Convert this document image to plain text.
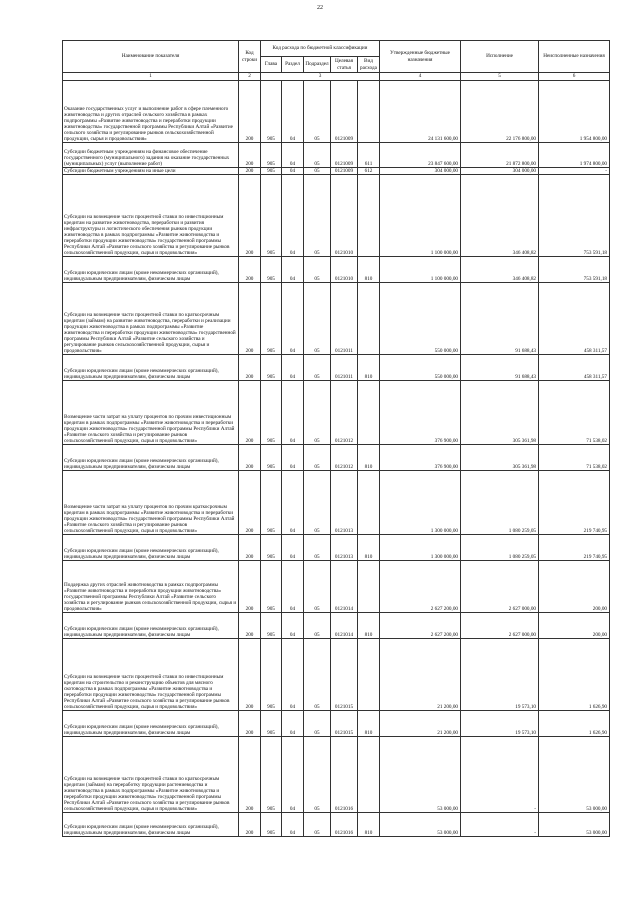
22
Наименование показателя	Код строки	Код расхода по бюджетной классификации					Утвержденные бюджетные назначения	Исполнение	Неисполненные назначения
		Глава	Раздел	Подраздел	Целевая статья	Вид расхода			
1	2	3					4	5	6
Оказание государственных услуг и выполнение работ в сфере племенного животноводства и других отраслей сельского хозяйства в рамках подпрограммы «Развитие животноводства и переработки продукции животноводства» государственной программы Республики Алтай «Развитие сельского хозяйства и регулирование рынков сельскохозяйственной продукции, сырья и продовольствия»	200	905	04	05	0121009		24 131 600,00	22 176 800,00	1 954 800,00
Субсидии бюджетным учреждениям на финансовое обеспечение государственного (муниципального) задания на оказание государственных (муниципальных) услуг (выполнение работ)	200	905	04	05	0121009	611	23 847 600,00	21 872 800,00	1 974 800,00
Субсидии бюджетным учреждениям на иные цели	200	905	04	05	0121009	612	304 000,00	304 000,00	-
Субсидии на возмещение части процентной ставки по инвестиционным кредитам на развитие животноводства, переработки и развития инфраструктуры и логистического обеспечения рынков продукции животноводства в рамках подпрограммы «Развитие животноводства и переработки продукции животноводства» государственной программы Республики Алтай «Развитие сельского хозяйства и регулирование рынков сельскохозяйственной продукции, сырья и продовольствия»	200	905	04	05	0121010		1 100 000,00	346 408,82	753 591,18
Субсидии юридическим лицам (кроме некоммерческих организаций), индивидуальным предпринимателям, физическим лицам	200	905	04	05	0121010	810	1 100 000,00	346 408,82	753 591,18
Субсидии на возмещение части процентной ставки по краткосрочным кредитам (займам) на развитие животноводства, переработки и реализации продукции животноводства в рамках подпрограммы «Развитие животноводства и переработки продукции животноводства» государственной программы Республики Алтай «Развитие сельского хозяйства и регулирование рынков сельскохозяйственной продукции, сырья и продовольствия»	200	905	04	05	0121011		550 000,00	91 688,43	458 311,57
Субсидии юридическим лицам (кроме некоммерческих организаций), индивидуальным предпринимателям, физическим лицам	200	905	04	05	0121011	810	550 000,00	91 688,43	458 311,57
Возмещение части затрат на уплату процентов по прочим инвестиционным кредитам в рамках подпрограммы «Развитие животноводства и переработки продукции животноводства» государственной программы Республики Алтай «Развитие сельского хозяйства и регулирование рынков сельскохозяйственной продукции, сырья и продовольствия»	200	905	04	05	0121012		376 900,00	305 361,98	71 538,02
Субсидии юридическим лицам (кроме некоммерческих организаций), индивидуальным предпринимателям, физическим лицам	200	905	04	05	0121012	810	376 900,00	305 361,98	71 538,02
Возмещение части затрат на уплату процентов по прочим краткосрочным кредитам в рамках подпрограммы «Развитие животноводства и переработки продукции животноводства» государственной программы Республики Алтай «Развитие сельского хозяйства и регулирование рынков сельскохозяйственной продукции, сырья и продовольствия»	200	905	04	05	0121013		1 300 000,00	1 080 259,05	219 740,95
Субсидии юридическим лицам (кроме некоммерческих организаций), индивидуальным предпринимателям, физическим лицам	200	905	04	05	0121013	810	1 300 000,00	1 080 259,05	219 740,95
Поддержка других отраслей животноводства в рамках подпрограммы «Развитие животноводства и переработки продукции животноводства» государственной программы Республики Алтай «Развитие сельского хозяйства и регулирование рынков сельскохозяйственной продукции, сырья и продовольствия»	200	905	04	05	0121014		2 627 200,00	2 627 000,00	200,00
Субсидии юридическим лицам (кроме некоммерческих организаций), индивидуальным предпринимателям, физическим лицам	200	905	04	05	0121014	810	2 627 200,00	2 627 000,00	200,00
Субсидии на возмещение части процентной ставки по инвестиционным кредитам на строительство и реконструкцию объектов для мясного скотоводства в рамках подпрограммы «Развитие животноводства и переработки продукции животноводства» государственной программы Республики Алтай «Развитие сельского хозяйства и регулирование рынков сельскохозяйственной продукции, сырья и продовольствия»	200	905	04	05	0121015		21 200,00	19 573,10	1 626,90
Субсидии юридическим лицам (кроме некоммерческих организаций), индивидуальным предпринимателям, физическим лицам	200	905	04	05	0121015	810	21 200,00	19 573,10	1 626,90
Субсидии на возмещение части процентной ставки по краткосрочным кредитам (займам) на переработку продукции растениеводства и животноводства в рамках подпрограммы «Развитие животноводства и переработки продукции животноводства» государственной программы Республики Алтай «Развитие сельского хозяйства и регулирование рынков сельскохозяйственной продукции, сырья и продовольствия»	200	905	04	05	0121016		53 000,00	-	53 000,00
Субсидии юридическим лицам (кроме некоммерческих организаций), индивидуальным предпринимателям, физическим лицам	200	905	04	05	0121016	810	53 000,00	-	53 000,00
